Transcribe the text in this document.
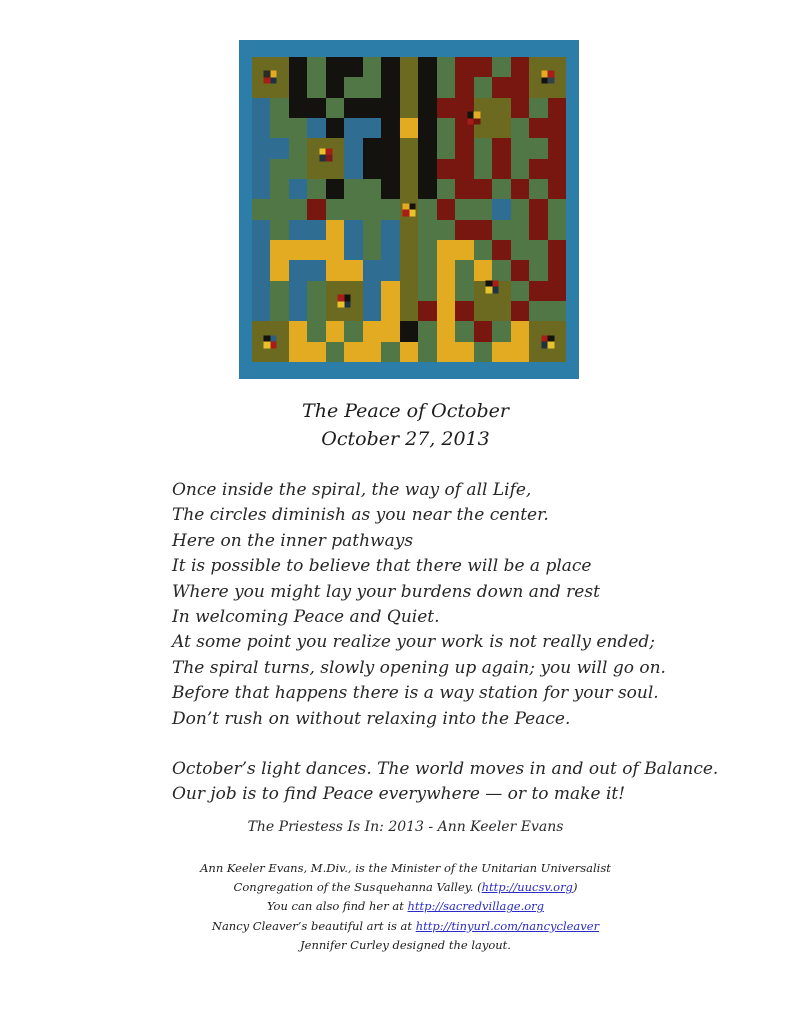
The Peace of October
October 27, 2013
Once inside the spiral, the way of all Life,
The circles diminish as you near the center.
Here on the inner pathways
It is possible to believe that there will be a place
Where you might lay your burdens down and rest
In welcoming Peace and Quiet.
At some point you realize your work is not really ended;
The spiral turns, slowly opening up again; you will go on.
Before that happens there is a way station for your soul.
Don’t rush on without relaxing into the Peace.
October’s light dances. The world moves in and out of Balance.
Our job is to find Peace everywhere — or to make it!
The Priestess Is In: 2013 - Ann Keeler Evans
Ann Keeler Evans, M.Div., is the Minister of the Unitarian Universalist
Congregation of the Susquehanna Valley. (http://uucsv.org)
You can also find her at http://sacredvillage.org
Nancy Cleaver’s beautiful art is at http://tinyurl.com/nancycleaver
Jennifer Curley designed the layout.
